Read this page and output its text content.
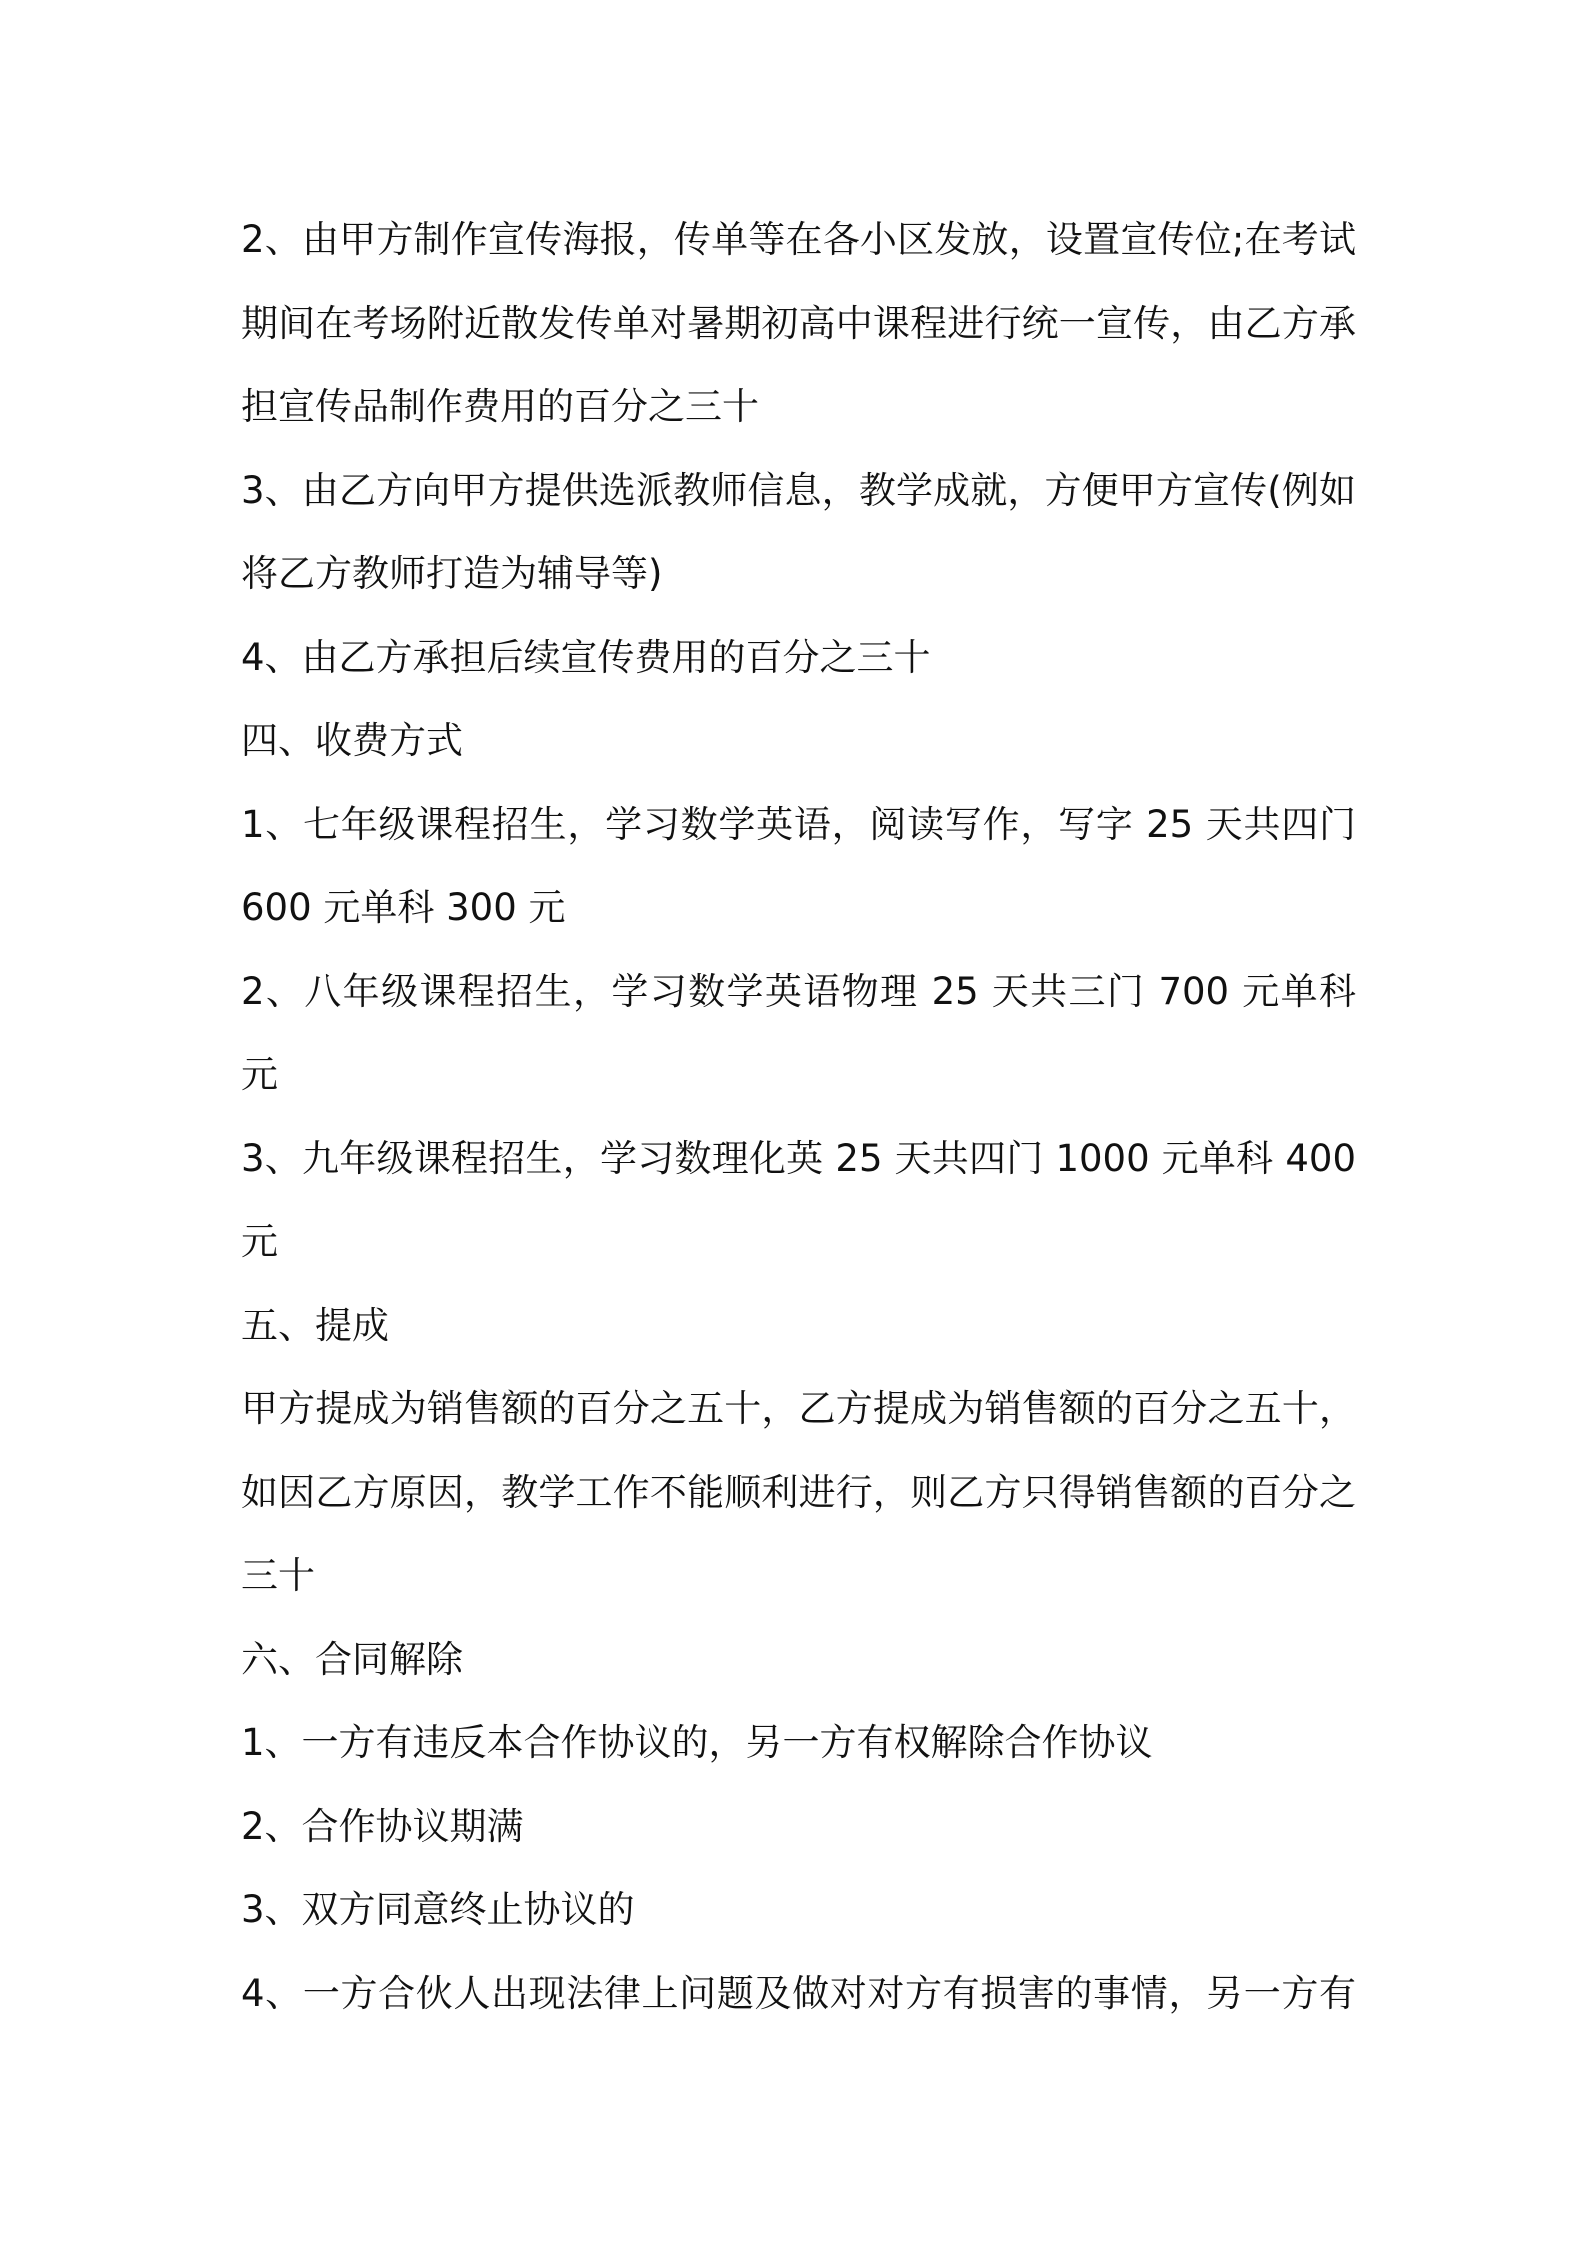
2、由甲方制作宣传海报，传单等在各小区发放，设置宣传位;在考试
期间在考场附近散发传单对暑期初高中课程进行统一宣传，由乙方承
担宣传品制作费用的百分之三十
3、由乙方向甲方提供选派教师信息，教学成就，方便甲方宣传(例如
将乙方教师打造为辅导等)
4、由乙方承担后续宣传费用的百分之三十
四、收费方式
1、七年级课程招生，学习数学英语，阅读写作，写字 25 天共四门
600 元单科 300 元
2、八年级课程招生，学习数学英语物理 25 天共三门 700 元单科
元
3、九年级课程招生，学习数理化英 25 天共四门 1000 元单科 400
元
五、提成
甲方提成为销售额的百分之五十，乙方提成为销售额的百分之五十，
如因乙方原因，教学工作不能顺利进行，则乙方只得销售额的百分之
三十
六、合同解除
1、一方有违反本合作协议的，另一方有权解除合作协议
2、合作协议期满
3、双方同意终止协议的
4、一方合伙人出现法律上问题及做对对方有损害的事情，另一方有
